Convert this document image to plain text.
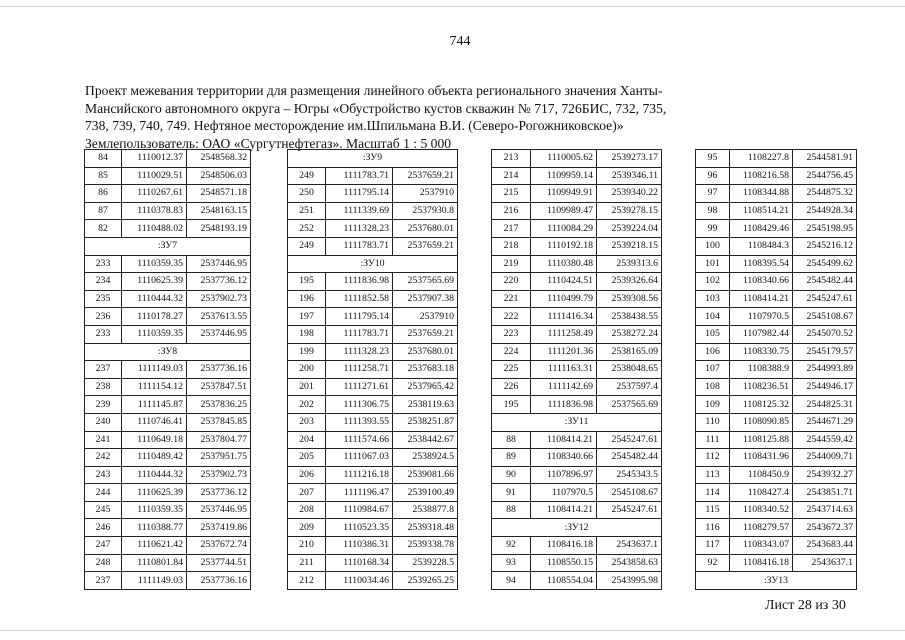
744
Проект межевания территории для размещения линейного объекта регионального значения Ханты-
Мансийского автономного округа – Югры «Обустройство кустов скважин № 717, 726БИС, 732, 735,
738, 739, 740, 749. Нефтяное месторождение им.Шпильмана В.И. (Северо-Рогожниковское)»
Землепользователь: ОАО «Сургутнефтегаз». Масштаб 1 : 5 000
84	1110012.37	2548568.32
85	1110029.51	2548506.03
86	1110267.61	2548571.18
87	1110378.83	2548163.15
82	1110488.02	2548193.19
:ЗУ7		
233	1110359.35	2537446.95
234	1110625.39	2537736.12
235	1110444.32	2537902.73
236	1110178.27	2537613.55
233	1110359.35	2537446.95
:ЗУ8		
237	1111149.03	2537736.16
238	1111154.12	2537847.51
239	1111145.87	2537836.25
240	1110746.41	2537845.85
241	1110649.18	2537804.77
242	1110489.42	2537951.75
243	1110444.32	2537902.73
244	1110625.39	2537736.12
245	1110359.35	2537446.95
246	1110388.77	2537419.86
247	1110621.42	2537672.74
248	1110801.84	2537744.51
237	1111149.03	2537736.16
:ЗУ9		
249	1111783.71	2537659.21
250	1111795.14	2537910
251	1111339.69	2537930.8
252	1111328.23	2537680.01
249	1111783.71	2537659.21
:ЗУ10		
195	1111836.98	2537565.69
196	1111852.58	2537907.38
197	1111795.14	2537910
198	1111783.71	2537659.21
199	1111328.23	2537680.01
200	1111258.71	2537683.18
201	1111271.61	2537965.42
202	1111306.75	2538119.63
203	1111393.55	2538251.87
204	1111574.66	2538442.67
205	1111067.03	2538924.5
206	1111216.18	2539081.66
207	1111196.47	2539100.49
208	1110984.67	2538877.8
209	1110523.35	2539318.48
210	1110386.31	2539338.78
211	1110168.34	2539228.5
212	1110034.46	2539265.25
213	1110005.62	2539273.17
214	1109959.14	2539346.11
215	1109949.91	2539340.22
216	1109989.47	2539278.15
217	1110084.29	2539224.04
218	1110192.18	2539218.15
219	1110380.48	2539313.6
220	1110424.51	2539326.64
221	1110499.79	2539308.56
222	1111416.34	2538438.55
223	1111258.49	2538272.24
224	1111201.36	2538165.09
225	1111163.31	2538048.65
226	1111142.69	2537597.4
195	1111836.98	2537565.69
:ЗУ11		
88	1108414.21	2545247.61
89	1108340.66	2545482.44
90	1107896.97	2545343.5
91	1107970.5	2545108.67
88	1108414.21	2545247.61
:ЗУ12		
92	1108416.18	2543637.1
93	1108550.15	2543858.63
94	1108554.04	2543995.98
95	1108227.8	2544581.91
96	1108216.58	2544756.45
97	1108344.88	2544875.32
98	1108514.21	2544928.34
99	1108429.46	2545198.95
100	1108484.3	2545216.12
101	1108395.54	2545499.62
102	1108340.66	2545482.44
103	1108414.21	2545247.61
104	1107970.5	2545108.67
105	1107982.44	2545070.52
106	1108330.75	2545179.57
107	1108388.9	2544993.89
108	1108236.51	2544946.17
109	1108125.32	2544825.31
110	1108090.85	2544671.29
111	1108125.88	2544559.42
112	1108431.96	2544009.71
113	1108450.9	2543932.27
114	1108427.4	2543851.71
115	1108340.52	2543714.63
116	1108279.57	2543672.37
117	1108343.07	2543683.44
92	1108416.18	2543637.1
:ЗУ13		
Лист 28 из 30
